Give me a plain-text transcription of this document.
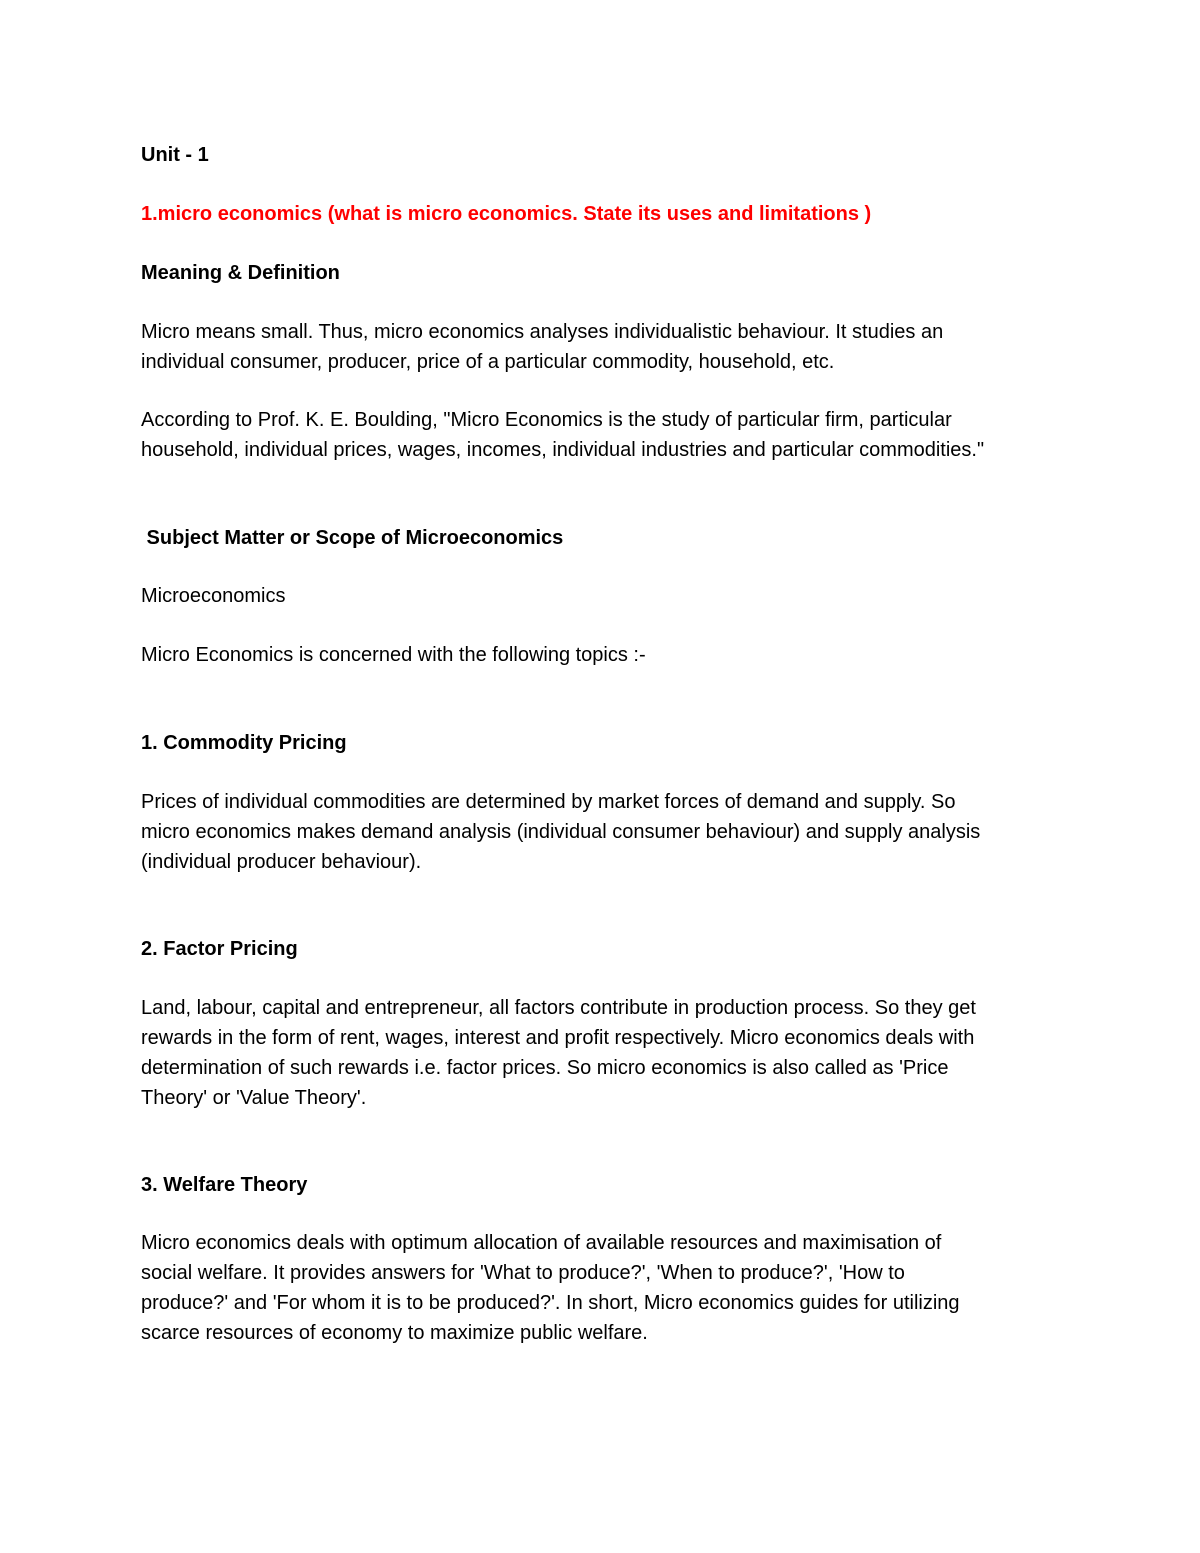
Unit - 1
1.micro economics (what is micro economics. State its uses and limitations )
Meaning & Definition

Micro means small. Thus, micro economics analyses individualistic behaviour. It studies an
individual consumer, producer, price of a particular commodity, household, etc.

According to Prof. K. E. Boulding, "Micro Economics is the study of particular firm, particular
household, individual prices, wages, incomes, individual industries and particular commodities."

Subject Matter or Scope of Microeconomics

Microeconomics

Micro Economics is concerned with the following topics :-

1. Commodity Pricing

Prices of individual commodities are determined by market forces of demand and supply. So
micro economics makes demand analysis (individual consumer behaviour) and supply analysis
(individual producer behaviour).

2. Factor Pricing

Land, labour, capital and entrepreneur, all factors contribute in production process. So they get
rewards in the form of rent, wages, interest and profit respectively. Micro economics deals with
determination of such rewards i.e. factor prices. So micro economics is also called as 'Price
Theory' or 'Value Theory'.

3. Welfare Theory

Micro economics deals with optimum allocation of available resources and maximisation of
social welfare. It provides answers for 'What to produce?', 'When to produce?', 'How to
produce?' and 'For whom it is to be produced?'. In short, Micro economics guides for utilizing
scarce resources of economy to maximize public welfare.
